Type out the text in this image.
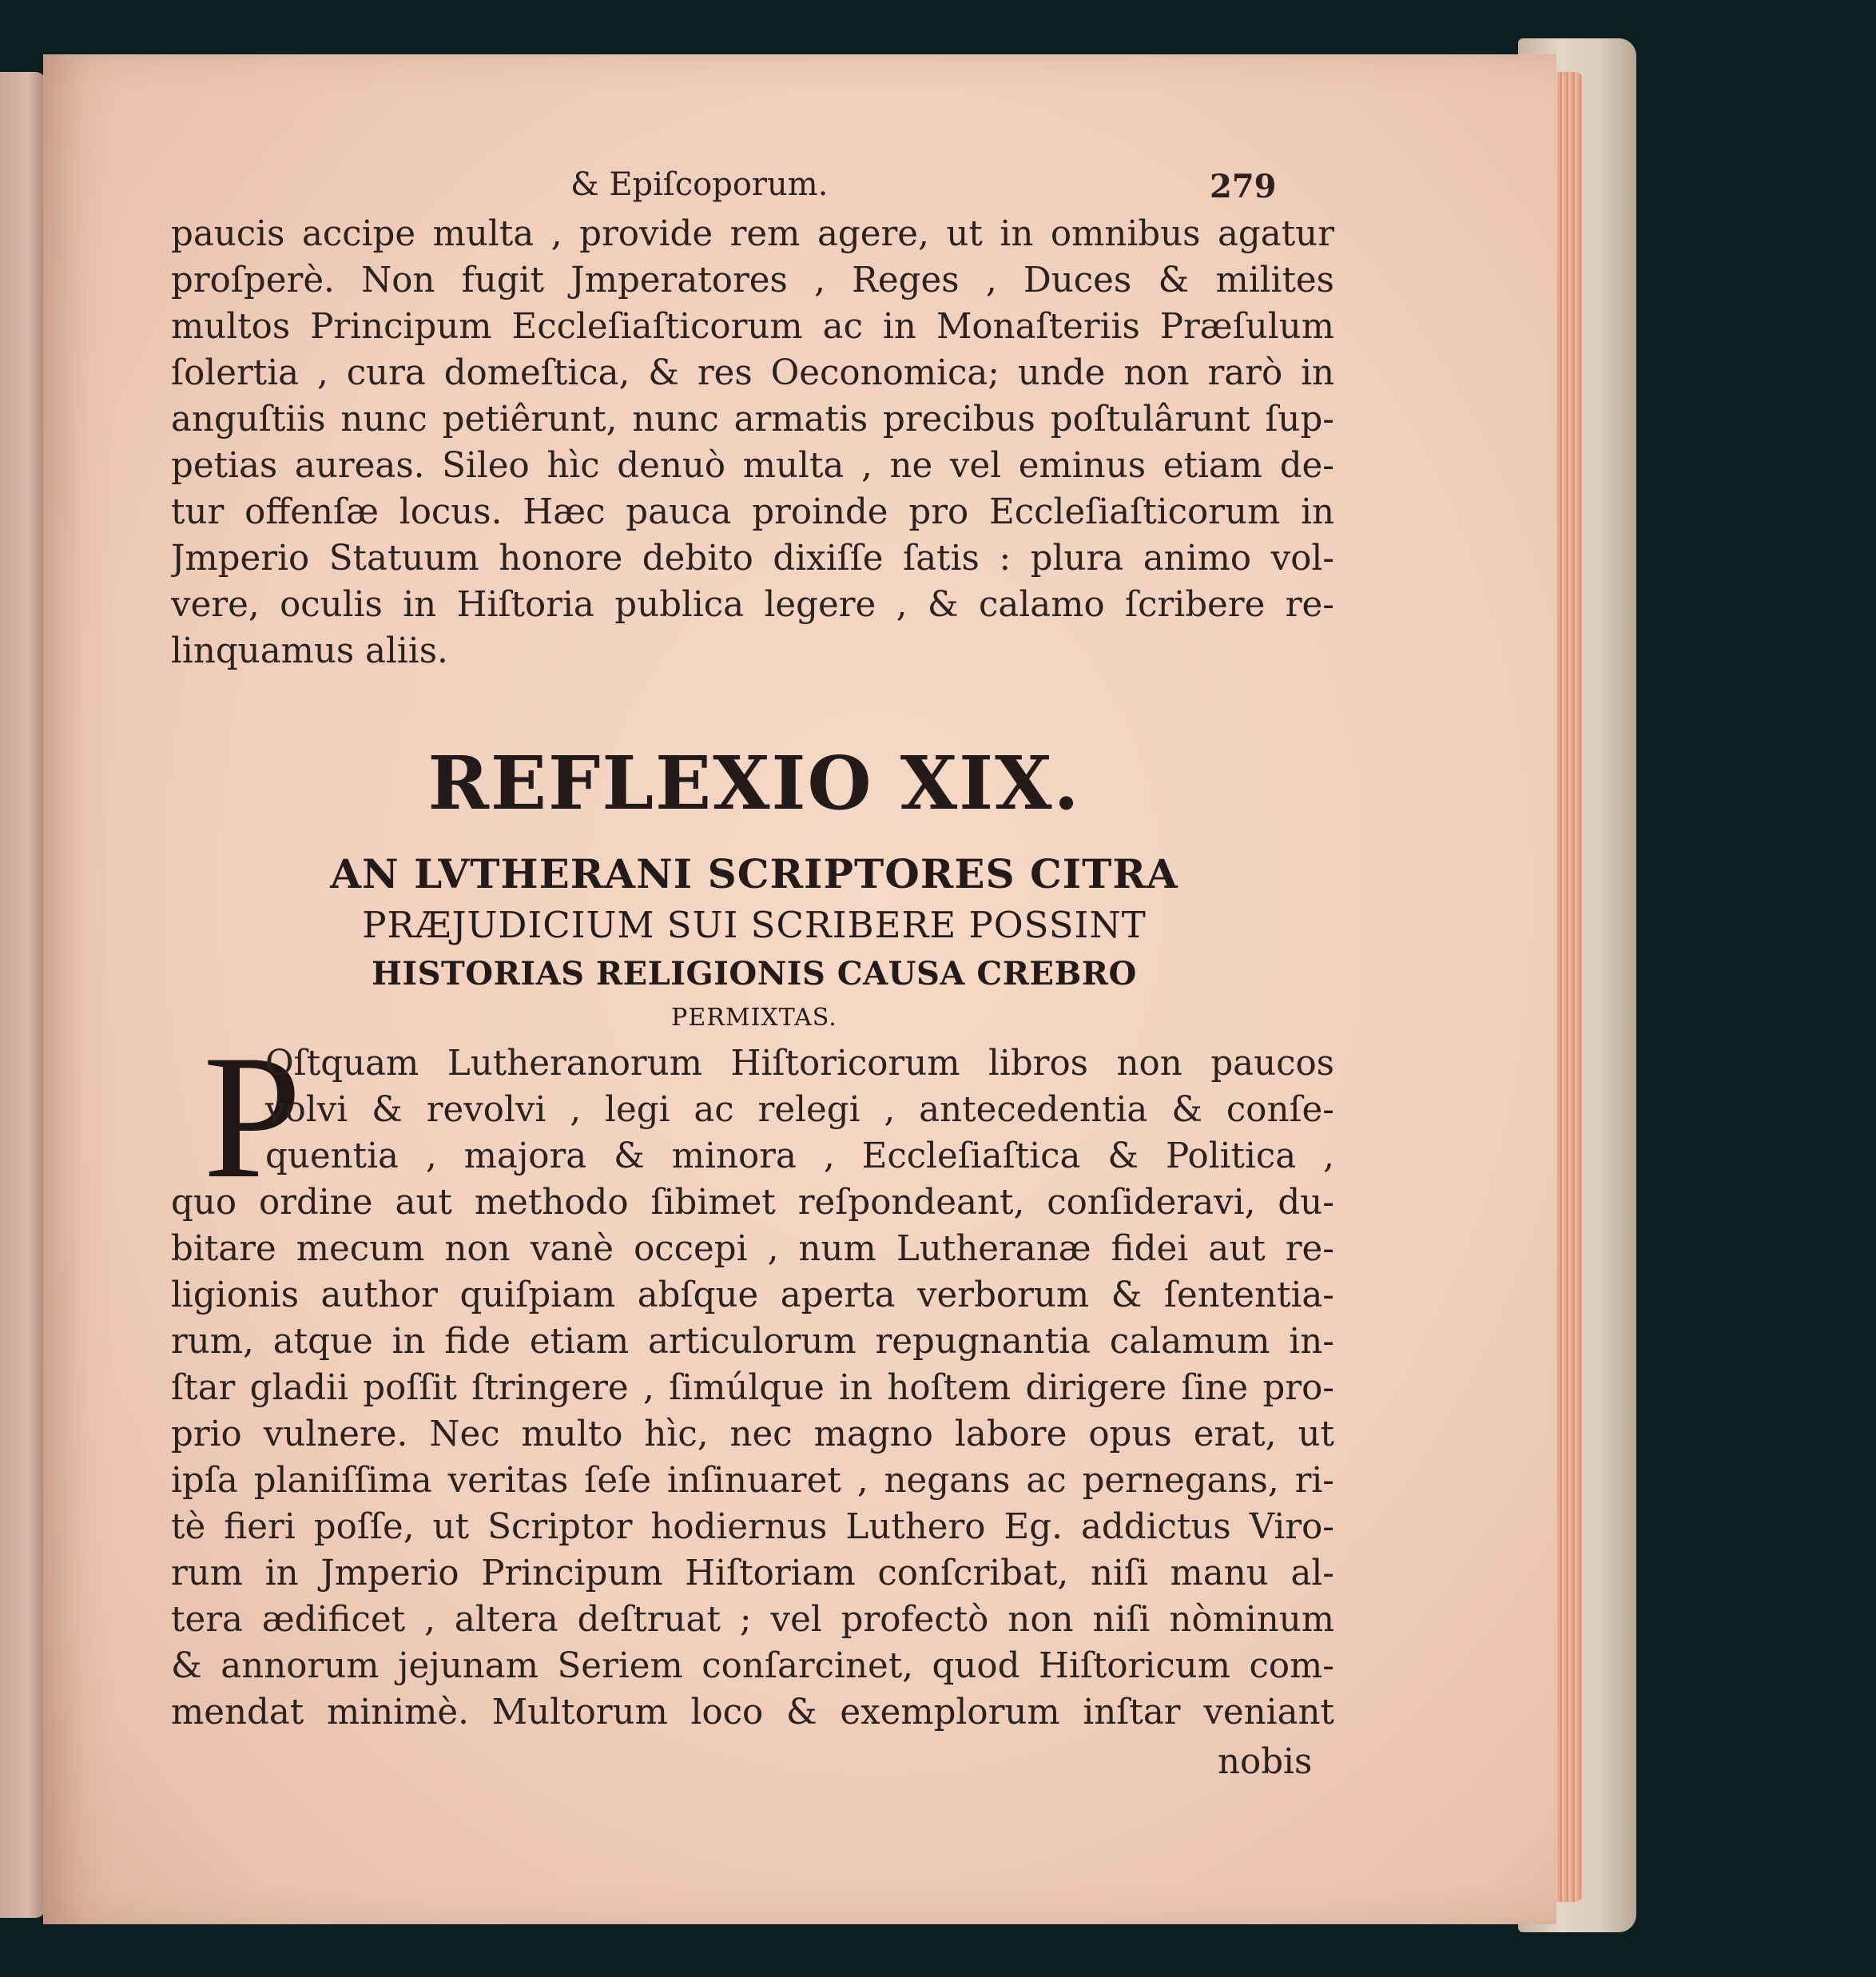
& Epiſcoporum.	279
paucis accipe multa , provide rem agere, ut in omnibus agatur
proſperè. Non fugit Jmperatores , Reges , Duces & milites
multos Principum Eccleſiaſticorum ac in Monaſteriis Præſulum
ſolertia , cura domeſtica, & res Oeconomica; unde non rarò in
anguſtiis nunc petiêrunt, nunc armatis precibus poſtulârunt ſup-
petias aureas. Sileo hìc denuò multa , ne vel eminus etiam de-
tur offenſæ locus. Hæc pauca proinde pro Eccleſiaſticorum in
Jmperio Statuum honore debito dixiſſe ſatis : plura animo vol-
vere, oculis in Hiſtoria publica legere , & calamo ſcribere re-
linquamus aliis.
REFLEXIO XIX.
AN LVTHERANI SCRIPTORES CITRA
PRÆJUDICIUM SUI SCRIBERE POSSINT
HISTORIAS RELIGIONIS CAUSA CREBRO
PERMIXTAS.
P
Oſtquam Lutheranorum Hiſtoricorum libros non paucos
volvi & revolvi , legi ac relegi , antecedentia & conſe-
quentia , majora & minora , Eccleſiaſtica & Politica ,
quo ordine aut methodo ſibimet reſpondeant, conſideravi, du-
bitare mecum non vanè occepi , num Lutheranæ fidei aut re-
ligionis author quiſpiam abſque aperta verborum & ſententia-
rum, atque in fide etiam articulorum repugnantia calamum in-
ſtar gladii poſſit ſtringere , ſimúlque in hoſtem dirigere ſine pro-
prio vulnere. Nec multo hìc, nec magno labore opus erat, ut
ipſa planiſſima veritas ſeſe inſinuaret , negans ac pernegans, ri-
tè fieri poſſe, ut Scriptor hodiernus Luthero Eg. addictus Viro-
rum in Jmperio Principum Hiſtoriam conſcribat, niſi manu al-
tera ædificet , altera deſtruat ; vel profectò non niſi nòminum
& annorum jejunam Seriem conſarcinet, quod Hiſtoricum com-
mendat minimè. Multorum loco & exemplorum inſtar veniant
nobis
